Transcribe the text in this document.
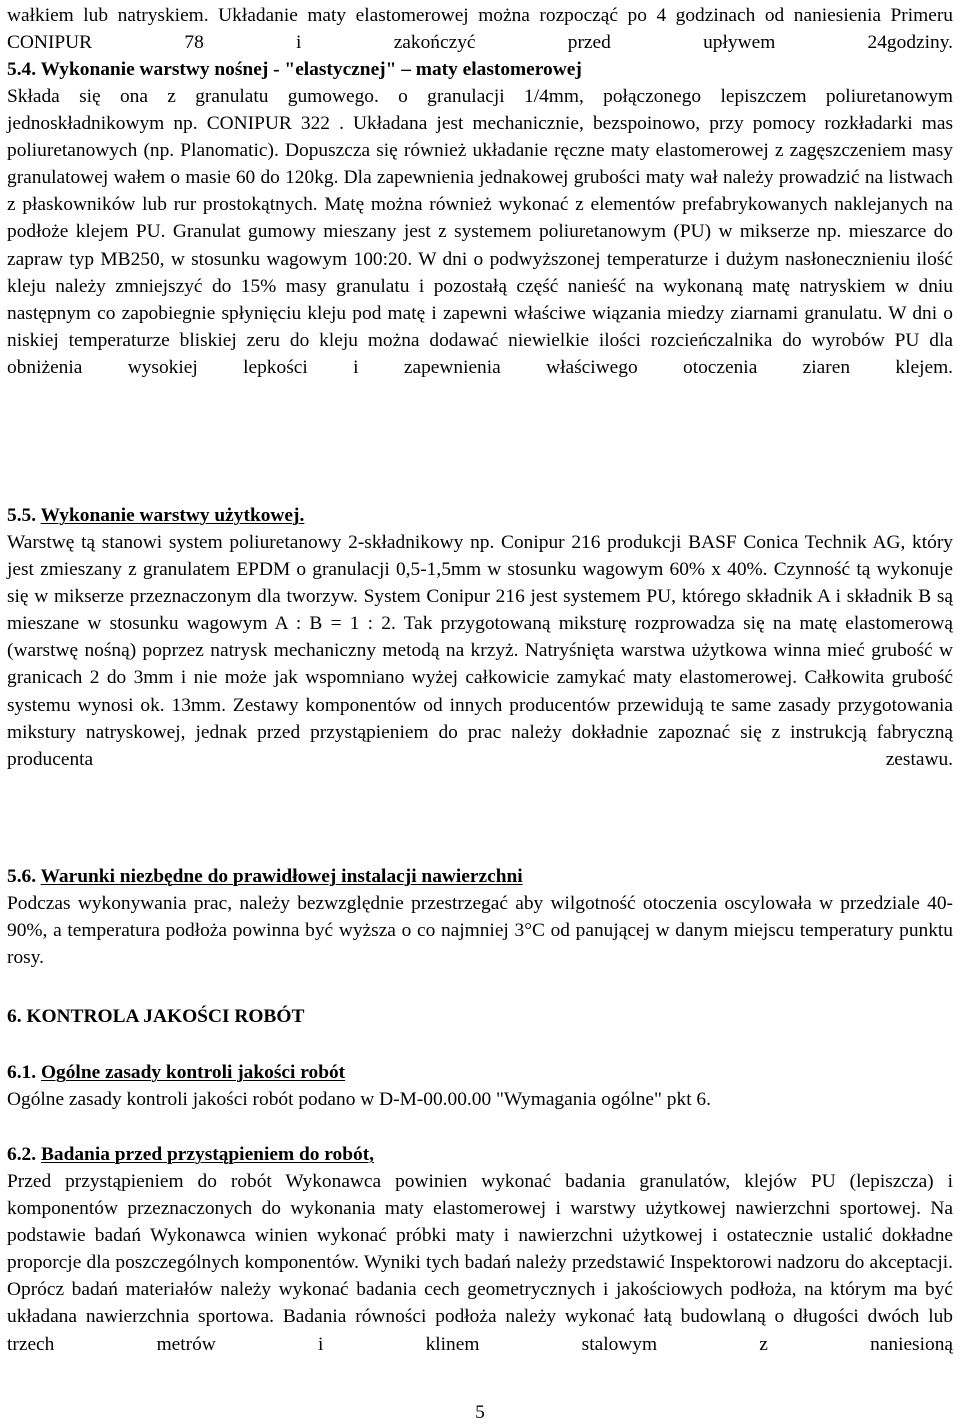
wałkiem lub natryskiem. Układanie maty elastomerowej można rozpocząć po 4 godzinach od naniesienia Primeru CONIPUR 78 i zakończyć przed upływem 24godziny.
5.4. Wykonanie warstwy nośnej - "elastycznej" – maty elastomerowej
Składa się ona z granulatu gumowego. o granulacji 1/4mm, połączonego lepiszczem poliuretanowym jednoskładnikowym np. CONIPUR 322 . Układana jest mechanicznie, bezspoinowo, przy pomocy rozkładarki mas poliuretanowych (np. Planomatic). Dopuszcza się również układanie ręczne maty elastomerowej z zagęszczeniem masy granulatowej wałem o masie 60 do 120kg. Dla zapewnienia jednakowej grubości maty wał należy prowadzić na listwach z płaskowników lub rur prostokątnych. Matę można również wykonać z elementów prefabrykowanych naklejanych na podłoże klejem PU. Granulat gumowy mieszany jest z systemem poliuretanowym (PU) w mikserze np. mieszarce do zapraw typ MB250, w stosunku wagowym 100:20. W dni o podwyższonej temperaturze i dużym nasłonecznieniu ilość kleju należy zmniejszyć do 15% masy granulatu i pozostałą część nanieść na wykonaną matę natryskiem w dniu następnym co zapobiegnie spłynięciu kleju pod matę i zapewni właściwe wiązania miedzy ziarnami granulatu. W dni o niskiej temperaturze bliskiej zeru do kleju można dodawać niewielkie ilości rozcieńczalnika do wyrobów PU dla obniżenia wysokiej lepkości i zapewnienia właściwego otoczenia ziaren klejem.
5.5. Wykonanie warstwy użytkowej.
Warstwę tą stanowi system poliuretanowy 2-składnikowy np. Conipur 216 produkcji BASF Conica Technik AG, który jest zmieszany z granulatem EPDM o granulacji 0,5-1,5mm w stosunku wagowym 60% x 40%. Czynność tą wykonuje się w mikserze przeznaczonym dla tworzyw. System Conipur 216 jest systemem PU, którego składnik A i składnik B są mieszane w stosunku wagowym A : B = 1 : 2. Tak przygotowaną miksturę rozprowadza się na matę elastomerową (warstwę nośną) poprzez natrysk mechaniczny metodą na krzyż. Natryśnięta warstwa użytkowa winna mieć grubość w granicach 2 do 3mm i nie może jak wspomniano wyżej całkowicie zamykać maty elastomerowej. Całkowita grubość systemu wynosi ok. 13mm. Zestawy komponentów od innych producentów przewidują te same zasady przygotowania mikstury natryskowej, jednak przed przystąpieniem do prac należy dokładnie zapoznać się z instrukcją fabryczną producenta zestawu.
5.6. Warunki niezbędne do prawidłowej instalacji nawierzchni
Podczas wykonywania prac, należy bezwzględnie przestrzegać aby wilgotność otoczenia oscylowała w przedziale 40-90%, a temperatura podłoża powinna być wyższa o co najmniej 3°C od panującej w danym miejscu temperatury punktu rosy.
6. KONTROLA JAKOŚCI ROBÓT
6.1. Ogólne zasady kontroli jakości robót
Ogólne zasady kontroli jakości robót podano w D-M-00.00.00 "Wymagania ogólne" pkt 6.
6.2. Badania przed przystąpieniem do robót,
Przed przystąpieniem do robót Wykonawca powinien wykonać badania granulatów, klejów PU (lepiszcza) i komponentów przeznaczonych do wykonania maty elastomerowej i warstwy użytkowej nawierzchni sportowej. Na podstawie badań Wykonawca winien wykonać próbki maty i nawierzchni użytkowej i ostatecznie ustalić dokładne proporcje dla poszczególnych komponentów. Wyniki tych badań należy przedstawić Inspektorowi nadzoru do akceptacji. Oprócz badań materiałów należy wykonać badania cech geometrycznych i jakościowych podłoża, na którym ma być układana nawierzchnia sportowa. Badania równości podłoża należy wykonać łatą budowlaną o długości dwóch lub trzech metrów i klinem stalowym z naniesioną
5
